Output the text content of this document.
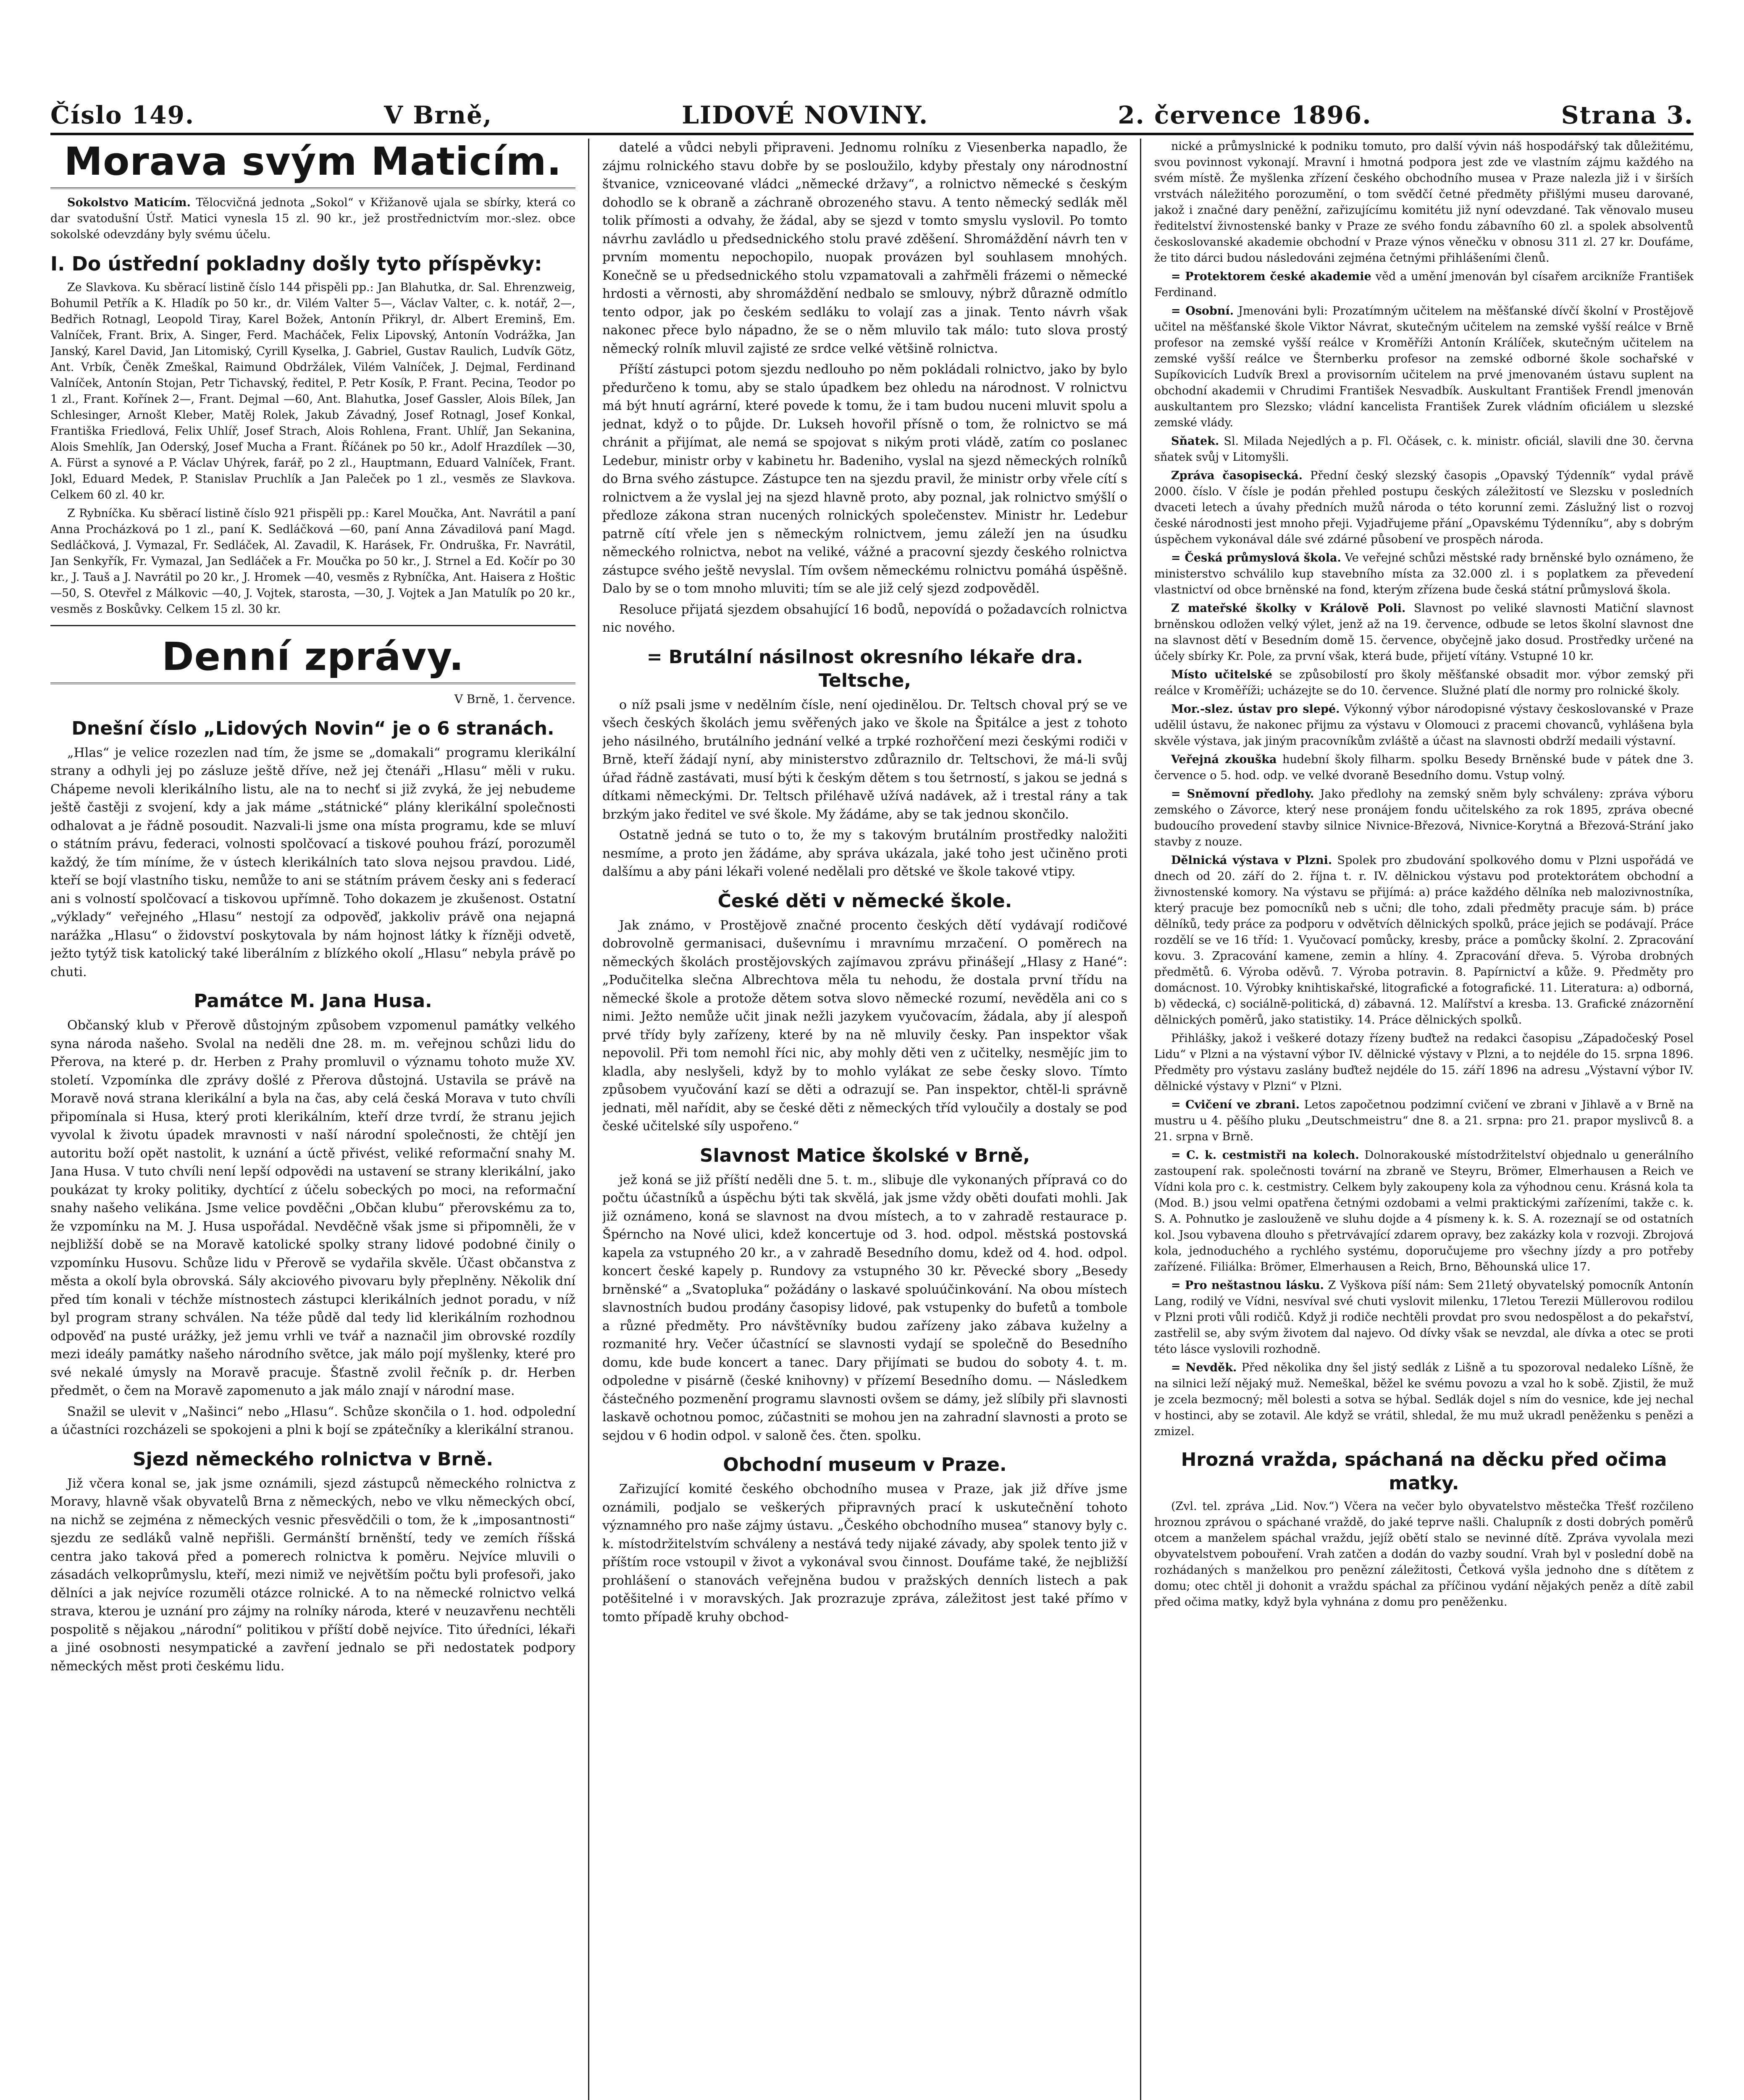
Číslo 149.	V Brně,	LIDOVÉ NOVINY.	2. července 1896.	Strana 3.
Morava svým Maticím.

Sokolstvo Maticím. Tělocvičná jednota „Sokol“ v Křižanově ujala se sbírky, která co dar svatodušní Ústř. Matici vynesla 15 zl. 90 kr., jež prostřednictvím mor.-slez. obce sokolské odevzdány byly svému účelu.

I. Do ústřední pokladny došly tyto příspěvky:

Ze Slavkova. Ku sběrací listině číslo 144 přispěli pp.: Jan Blahutka, dr. Sal. Ehrenzweig, Bohumil Petřík a K. Hladík po 50 kr., dr. Vilém Valter 5—, Václav Valter, c. k. notář, 2—, Bedřich Rotnagl, Leopold Tiray, Karel Božek, Antonín Přikryl, dr. Albert Ereminš, Em. Valníček, Frant. Brix, A. Singer, Ferd. Macháček, Felix Lipovský, Antonín Vodrážka, Jan Janský, Karel David, Jan Litomiský, Cyrill Kyselka, J. Gabriel, Gustav Raulich, Ludvík Götz, Ant. Vrbík, Čeněk Zmeškal, Raimund Obdržálek, Vilém Valníček, J. Dejmal, Ferdinand Valníček, Antonín Stojan, Petr Tichavský, ředitel, P. Petr Kosík, P. Frant. Pecina, Teodor po 1 zl., Frant. Kořínek 2—, Frant. Dejmal —60, Ant. Blahutka, Josef Gassler, Alois Bílek, Jan Schlesinger, Arnošt Kleber, Matěj Rolek, Jakub Závadný, Josef Rotnagl, Josef Konkal, Františka Friedlová, Felix Uhlíř, Josef Strach, Alois Rohlena, Frant. Uhlíř, Jan Sekanina, Alois Smehlík, Jan Oderský, Josef Mucha a Frant. Říčánek po 50 kr., Adolf Hrazdílek —30, A. Fürst a synové a P. Václav Uhýrek, farář, po 2 zl., Hauptmann, Eduard Valníček, Frant. Jokl, Eduard Medek, P. Stanislav Pruchlík a Jan Paleček po 1 zl., vesměs ze Slavkova. Celkem 60 zl. 40 kr.

Z Rybníčka. Ku sběrací listině číslo 921 přispěli pp.: Karel Moučka, Ant. Navrátil a paní Anna Procházková po 1 zl., paní K. Sedláčková —60, paní Anna Závadilová paní Magd. Sedláčková, J. Vymazal, Fr. Sedláček, Al. Zavadil, K. Harásek, Fr. Ondruška, Fr. Navrátil, Jan Senkyřík, Fr. Vymazal, Jan Sedláček a Fr. Moučka po 50 kr., J. Strnel a Ed. Kočír po 30 kr., J. Tauš a J. Navrátil po 20 kr., J. Hromek —40, vesměs z Rybníčka, Ant. Haisera z Hoštic —50, S. Otevřel z Málkovic —40, J. Vojtek, starosta, —30, J. Vojtek a Jan Matulík po 20 kr., vesměs z Boskůvky. Celkem 15 zl. 30 kr.

Denní zprávy.
V Brně, 1. července.
Dnešní číslo „Lidových Novin“ je o 6 stranách.

„Hlas“ je velice rozezlen nad tím, že jsme se „domakali“ programu klerikální strany a odhyli jej po zásluze ještě dříve, než jej čtenáři „Hlasu“ měli v ruku. Chápeme nevoli klerikálního listu, ale na to nechť si již zvyká, že jej nebudeme ještě častěji z svojení, kdy a jak máme „státnické“ plány klerikální společnosti odhalovat a je řádně posoudit. Nazvali-li jsme ona místa programu, kde se mluví o státním právu, federaci, volnosti spolčovací a tiskové pouhou frází, porozuměl každý, že tím míníme, že v ústech klerikálních tato slova nejsou pravdou. Lidé, kteří se bojí vlastního tisku, nemůže to ani se státním právem česky ani s federací ani s volností spolčovací a tiskovou upřímně. Toho dokazem je zkušenost. Ostatní „výklady“ veřejného „Hlasu“ nestojí za odpověď, jakkoliv právě ona nejapná narážka „Hlasu“ o židovství poskytovala by nám hojnost látky k řízněji odvetě, ježto tytýž tisk katolický také liberálním z blízkého okolí „Hlasu“ nebyla právě po chuti.

Památce M. Jana Husa.

Občanský klub v Přerově důstojným způsobem vzpomenul památky velkého syna národa našeho. Svolal na neděli dne 28. m. m. veřejnou schůzi lidu do Přerova, na které p. dr. Herben z Prahy promluvil o významu tohoto muže XV. století. Vzpomínka dle zprávy došlé z Přerova důstojná. Ustavila se právě na Moravě nová strana klerikální a byla na čas, aby celá česká Morava v tuto chvíli připomínala si Husa, který proti klerikálním, kteří drze tvrdí, že stranu jejich vyvolal k životu úpadek mravnosti v naší národní společnosti, že chtějí jen autoritu boží opět nastolit, k uznání a úctě přivést, veliké reformační snahy M. Jana Husa. V tuto chvíli není lepší odpovědi na ustavení se strany klerikální, jako poukázat ty kroky politiky, dychtící z účelu sobeckých po moci, na reformační snahy našeho velikána. Jsme velice povděčni „Občan klubu“ přerovskému za to, že vzpomínku na M. J. Husa uspořádal. Nevděčně však jsme si připomněli, že v nejbližší době se na Moravě katolické spolky strany lidové podobné činily o vzpomínku Husovu. Schůze lidu v Přerově se vydařila skvěle. Účast občanstva z města a okolí byla obrovská. Sály akciového pivovaru byly přeplněny. Několik dní před tím konali v téchže místnostech zástupci klerikálních jednot poradu, v níž byl program strany schválen. Na téže půdě dal tedy lid klerikálním rozhodnou odpověď na pusté urážky, jež jemu vrhli ve tvář a naznačil jim obrovské rozdíly mezi ideály památky našeho národního světce, jak málo pojí myšlenky, které pro své nekalé úmysly na Moravě pracuje. Šťastně zvolil řečník p. dr. Herben předmět, o čem na Moravě zapomenuto a jak málo znají v národní mase.

Snažil se ulevit v „Našinci“ nebo „Hlasu“. Schůze skončila o 1. hod. odpolední a účastníci rozcházeli se spokojeni a plni k bojí se zpátečníky a klerikální stranou.

Sjezd německého rolnictva v Brně.

Již včera konal se, jak jsme oznámili, sjezd zástupců německého rolnictva z Moravy, hlavně však obyvatelů Brna z německých, nebo ve vlku německých obcí, na nichž se zejména z německých vesnic přesvědčili o tom, že k „imposantnosti“ sjezdu ze sedláků valně nepřišli. Germánští brněnští, tedy ve zemích říšská centra jako taková před a pomerech rolnictva k poměru. Nejvíce mluvili o zásadách velkoprůmyslu, kteří, mezi nimiž ve největším počtu byli profesoři, jako dělníci a jak nejvíce rozuměli otázce rolnické. A to na německé rolnictvo velká strava, kterou je uznání pro zájmy na rolníky národa, které v neuzavřenu nechtěli pospolitě s nějakou „národní“ politikou v příští době nejvíce. Tito úředníci, lékaři a jiné osobnosti nesympatické a zavření jednalo se při nedostatek podpory německých měst proti českému lidu.

datelé a vůdci nebyli připraveni. Jednomu rolníku z Viesenberka napadlo, že zájmu rolnického stavu dobře by se posloužilo, kdyby přestaly ony národnostní štvanice, vzniceované vládci „německé državy“, a rolnictvo německé s českým dohodlo se k obraně a záchraně obrozeného stavu. A tento německý sedlák měl tolik přímosti a odvahy, že žádal, aby se sjezd v tomto smyslu vyslovil. Po tomto návrhu zavládlo u předsednického stolu pravé zděšení. Shromáždění návrh ten v prvním momentu nepochopilo, nuopak provázen byl souhlasem mnohých. Konečně se u předsednického stolu vzpamatovali a zahřměli frázemi o německé hrdosti a věrnosti, aby shromáždění nedbalo se smlouvy, nýbrž důrazně odmítlo tento odpor, jak po českém sedláku to volají zas a jinak. Tento návrh však nakonec přece bylo nápadno, že se o něm mluvilo tak málo: tuto slova prostý německý rolník mluvil zajisté ze srdce velké většině rolnictva.

Příští zástupci potom sjezdu nedlouho po něm pokládali rolnictvo, jako by bylo předurčeno k tomu, aby se stalo úpadkem bez ohledu na národnost. V rolnictvu má být hnutí agrární, které povede k tomu, že i tam budou nuceni mluvit spolu a jednat, když o to půjde. Dr. Lukseh hovořil přísně o tom, že rolnictvo se má chránit a přijímat, ale nemá se spojovat s nikým proti vládě, zatím co poslanec Ledebur, ministr orby v kabinetu hr. Badeniho, vyslal na sjezd německých rolníků do Brna svého zástupce. Zástupce ten na sjezdu pravil, že ministr orby vřele cítí s rolnictvem a že vyslal jej na sjezd hlavně proto, aby poznal, jak rolnictvo smýšlí o předloze zákona stran nucených rolnických společenstev. Ministr hr. Ledebur patrně cítí vřele jen s německým rolnictvem, jemu záleží jen na úsudku německého rolnictva, nebot na veliké, vážné a pracovní sjezdy českého rolnictva zástupce svého ještě nevyslal. Tím ovšem německému rolnictvu pomáhá úspěšně. Dalo by se o tom mnoho mluviti; tím se ale již celý sjezd zodpověděl.

Resoluce přijatá sjezdem obsahující 16 bodů, nepovídá o požadavcích rolnictva nic nového.

= Brutální násilnost okresního lékaře dra. Teltsche,

o níž psali jsme v nedělním čísle, není ojedinělou. Dr. Teltsch choval prý se ve všech českých školách jemu svěřených jako ve škole na Špitálce a jest z tohoto jeho násilného, brutálního jednání velké a trpké rozhořčení mezi českými rodiči v Brně, kteří žádají nyní, aby ministerstvo zdůraznilo dr. Teltschovi, že má-li svůj úřad řádně zastávati, musí býti k českým dětem s tou šetrností, s jakou se jedná s dítkami německými. Dr. Teltsch přiléhavě užívá nadávek, až i trestal rány a tak brzkým jako ředitel ve své škole. My žádáme, aby se tak jednou skončilo.

Ostatně jedná se tuto o to, že my s takovým brutálním prostředky naložiti nesmíme, a proto jen žádáme, aby správa ukázala, jaké toho jest učiněno proti dalšímu a aby páni lékaři volené nedělali pro dětské ve škole takové vtipy.

České děti v německé škole.

Jak známo, v Prostějově značné procento českých dětí vydávají rodičové dobrovolně germanisaci, duševnímu i mravnímu mrzačení. O poměrech na německých školách prostějovských zajímavou zprávu přinášejí „Hlasy z Hané“: „Podučitelka slečna Albrechtova měla tu nehodu, že dostala první třídu na německé škole a protože dětem sotva slovo německé rozumí, nevěděla ani co s nimi. Ježto nemůže učit jinak nežli jazykem vyučovacím, žádala, aby jí alespoň prvé třídy byly zařízeny, které by na ně mluvily česky. Pan inspektor však nepovolil. Při tom nemohl říci nic, aby mohly děti ven z učitelky, nesmějíc jim to kladla, aby neslyšeli, když by to mohlo vylákat ze sebe česky slovo. Tímto způsobem vyučování kazí se děti a odrazují se. Pan inspektor, chtěl-li správně jednati, měl nařídit, aby se české děti z německých tříd vyloučily a dostaly se pod české učitelské síly uspořeno.“

Slavnost Matice školské v Brně,

jež koná se již příští neděli dne 5. t. m., slibuje dle vykonaných přípravá co do počtu účastníků a úspěchu býti tak skvělá, jak jsme vždy oběti doufati mohli. Jak již oznámeno, koná se slavnost na dvou místech, a to v zahradě restaurace p. Špérncho na Nové ulici, kdež koncertuje od 3. hod. odpol. městská postovská kapela za vstupného 20 kr., a v zahradě Besedního domu, kdež od 4. hod. odpol. koncert české kapely p. Rundovy za vstupného 30 kr. Pěvecké sbory „Besedy brněnské“ a „Svatopluka“ požádány o laskavé spoluúčinkování. Na obou místech slavnostních budou prodány časopisy lidové, pak vstupenky do bufetů a tombole a různé předměty. Pro návštěvníky budou zařízeny jako zábava kuželny a rozmanité hry. Večer účastnící se slavnosti vydají se společně do Besedního domu, kde bude koncert a tanec. Dary přijímati se budou do soboty 4. t. m. odpoledne v pisárně (české knihovny) v přízemí Besedního domu. — Následkem částečného pozmenění programu slavnosti ovšem se dámy, jež slíbily při slavnosti laskavě ochotnou pomoc, zúčastniti se mohou jen na zahradní slavnosti a proto se sejdou v 6 hodin odpol. v saloně čes. čten. spolku.

Obchodní museum v Praze.

Zařizující komité českého obchodního musea v Praze, jak již dříve jsme oznámili, podjalo se veškerých připravných prací k uskutečnění tohoto významného pro naše zájmy ústavu. „Českého obchodního musea“ stanovy byly c. k. místodržitelstvím schváleny a nestává tedy nijaké závady, aby spolek tento již v příštím roce vstoupil v život a vykonával svou činnost. Doufáme také, že nejbližší prohlášení o stanovách veřejněna budou v pražských denních listech a pak potěšitelné i v moravských. Jak prozrazuje zpráva, záležitost jest také přímo v tomto případě kruhy obchod-

nické a průmyslnické k podniku tomuto, pro další vývin náš hospodářský tak důležitému, svou povinnost vykonají. Mravní i hmotná podpora jest zde ve vlastním zájmu každého na svém místě. Že myšlenka zřízení českého obchodního musea v Praze nalezla již i v širších vrstvách náležitého porozumění, o tom svědčí četné předměty přišlými museu darované, jakož i značné dary peněžní, zařizujícímu komitétu již nyní odevzdané. Tak věnovalo museu ředitelství živnostenské banky v Praze ze svého fondu zábavního 60 zl. a spolek absolventů českoslovanské akademie obchodní v Praze výnos věnečku v obnosu 311 zl. 27 kr. Doufáme, že tito dárci budou následováni zejména četnými přihlášeními členů.

= Protektorem české akademie věd a umění jmenován byl císařem arcikníže František Ferdinand.

= Osobní. Jmenováni byli: Prozatímným učitelem na měšťanské dívčí školní v Prostějově učitel na měšťanské škole Viktor Návrat, skutečným učitelem na zemské vyšší reálce v Brně profesor na zemské vyšší reálce v Kroměříži Antonín Králíček, skutečným učitelem na zemské vyšší reálce ve Šternberku profesor na zemské odborné škole sochařské v Supíkovicích Ludvík Brexl a provisorním učitelem na prvé jmenovaném ústavu suplent na obchodní akademii v Chrudimi František Nesvadbík. Auskultant František Frendl jmenován auskultantem pro Slezsko; vládní kancelista František Zurek vládním oficiálem u slezské zemské vlády.

Sňatek. Sl. Milada Nejedlých a p. Fl. Očásek, c. k. ministr. oficiál, slavili dne 30. června sňatek svůj v Litomyšli.

Zpráva časopisecká. Přední český slezský časopis „Opavský Týdenník“ vydal právě 2000. číslo. V čísle je podán přehled postupu českých záležitostí ve Slezsku v posledních dvaceti letech a úvahy předních mužů národa o této korunní zemi. Záslužný list o rozvoj české národnosti jest mnoho přeji. Vyjadřujeme přání „Opavskému Týdenníku“, aby s dobrým úspěchem vykonával dále své zdárné působení ve prospěch národa.

= Česká průmyslová škola. Ve veřejné schůzi městské rady brněnské bylo oznámeno, že ministerstvo schválilo kup stavebního místa za 32.000 zl. i s poplatkem za převedení vlastnictví od obce brněnské na fond, kterým zřízena bude česká státní průmyslová škola.

Z mateřské školky v Králově Poli. Slavnost po veliké slavnosti Matiční slavnost brněnskou odložen velký výlet, jenž až na 19. července, odbude se letos školní slavnost dne na slavnost dětí v Besedním domě 15. července, obyčejně jako dosud. Prostředky určené na účely sbírky Kr. Pole, za první však, která bude, přijetí vítány. Vstupné 10 kr.

Místo učitelské se způsobilostí pro školy měšťanské obsadit mor. výbor zemský při reálce v Kroměříži; ucházejte se do 10. července. Služné platí dle normy pro rolnické školy.

Mor.-slez. ústav pro slepé. Výkonný výbor národopisné výstavy českoslovanské v Praze udělil ústavu, že nakonec přijmu za výstavu v Olomouci z pracemi chovanců, vyhlášena byla skvěle výstava, jak jiným pracovníkům zvláště a účast na slavnosti obdrží medaili výstavní.

Veřejná zkouška hudební školy filharm. spolku Besedy Brněnské bude v pátek dne 3. července o 5. hod. odp. ve velké dvoraně Besedního domu. Vstup volný.

= Sněmovní předlohy. Jako předlohy na zemský sněm byly schváleny: zpráva výboru zemského o Závorce, který nese pronájem fondu učitelského za rok 1895, zpráva obecné budoucího provedení stavby silnice Nivnice-Březová, Nivnice-Korytná a Březová-Strání jako stavby z nouze.

Dělnická výstava v Plzni. Spolek pro zbudování spolkového domu v Plzni uspořádá ve dnech od 20. září do 2. října t. r. IV. dělnickou výstavu pod protektorátem obchodní a živnostenské komory. Na výstavu se přijímá: a) práce každého dělníka neb malozivnostníka, který pracuje bez pomocníků neb s učni; dle toho, zdali předměty pracuje sám. b) práce dělníků, tedy práce za podporu v odvětvích dělnických spolků, práce jejich se podávají. Práce rozdělí se ve 16 tříd: 1. Vyučovací pomůcky, kresby, práce a pomůcky školní. 2. Zpracování kovu. 3. Zpracování kamene, zemin a hlíny. 4. Zpracování dřeva. 5. Výroba drobných předmětů. 6. Výroba oděvů. 7. Výroba potravin. 8. Papírnictví a kůže. 9. Předměty pro domácnost. 10. Výrobky knihtiskařské, litografické a fotografické. 11. Literatura: a) odborná, b) vědecká, c) sociálně-politická, d) zábavná. 12. Malířství a kresba. 13. Grafické znázornění dělnických poměrů, jako statistiky. 14. Práce dělnických spolků.

Přihlášky, jakož i veškeré dotazy řízeny buďtež na redakci časopisu „Západočeský Posel Lidu“ v Plzni a na výstavní výbor IV. dělnické výstavy v Plzni, a to nejdéle do 15. srpna 1896. Předměty pro výstavu zaslány buďtež nejdéle do 15. září 1896 na adresu „Výstavní výbor IV. dělnické výstavy v Plzni“ v Plzni.

= Cvičení ve zbrani. Letos započetnou podzimní cvičení ve zbrani v Jihlavě a v Brně na mustru u 4. pěšího pluku „Deutschmeistru“ dne 8. a 21. srpna: pro 21. prapor myslivců 8. a 21. srpna v Brně.

= C. k. cestmistři na kolech. Dolnorakouské místodržitelství objednalo u generálního zastoupení rak. společnosti tovární na zbraně ve Steyru, Brömer, Elmerhausen a Reich ve Vídni kola pro c. k. cestmistry. Celkem byly zakoupeny kola za výhodnou cenu. Krásná kola ta (Mod. B.) jsou velmi opatřena četnými ozdobami a velmi praktickými zařízeními, takže c. k. S. A. Pohnutko je zaslouženě ve sluhu dojde a 4 písmeny k. k. S. A. rozeznají se od ostatních kol. Jsou vybavena dlouho s přetrvávající zdarem opravy, bez zakázky kola v rozvoji. Zbrojová kola, jednoduchého a rychlého systému, doporučujeme pro všechny jízdy a pro potřeby zařízené. Filiálka: Brömer, Elmerhausen a Reich, Brno, Běhounská ulice 17.

= Pro neštastnou lásku. Z Vyškova píší nám: Sem 21letý obyvatelský pomocník Antonín Lang, rodilý ve Vídni, nesvíval své chuti vyslovit milenku, 17letou Terezii Müllerovou rodilou v Plzni proti vůli rodičů. Když ji rodiče nechtěli provdat pro svou nedospělost a do pekařství, zastřelil se, aby svým životem dal najevo. Od dívky však se nevzdal, ale dívka a otec se proti této lásce vyslovili rozhodně.

= Nevděk. Před několika dny šel jistý sedlák z Lišně a tu spozoroval nedaleko Líšně, že na silnici leží nějaký muž. Nemeškal, běžel ke svému povozu a vzal ho k sobě. Zjistil, že muž je zcela bezmocný; měl bolesti a sotva se hýbal. Sedlák dojel s ním do vesnice, kde jej nechal v hostinci, aby se zotavil. Ale když se vrátil, shledal, že mu muž ukradl peněženku s penězi a zmizel.

Hrozná vražda, spáchaná na děcku před očima matky.

(Zvl. tel. zpráva „Lid. Nov.“) Včera na večer bylo obyvatelstvo městečka Třešť rozčileno hroznou zprávou o spáchané vraždě, do jaké teprve našli. Chalupník z dosti dobrých poměrů otcem a manželem spáchal vraždu, jejíž obětí stalo se nevinné dítě. Zpráva vyvolala mezi obyvatelstvem pobouření. Vrah zatčen a dodán do vazby soudní. Vrah byl v poslední době na rozhádaných s manželkou pro penězní záležitosti, Četková vyšla jednoho dne s dítětem z domu; otec chtěl ji dohonit a vraždu spáchal za příčinou vydání nějakých peněz a dítě zabil před očima matky, když byla vyhnána z domu pro peněženku.
